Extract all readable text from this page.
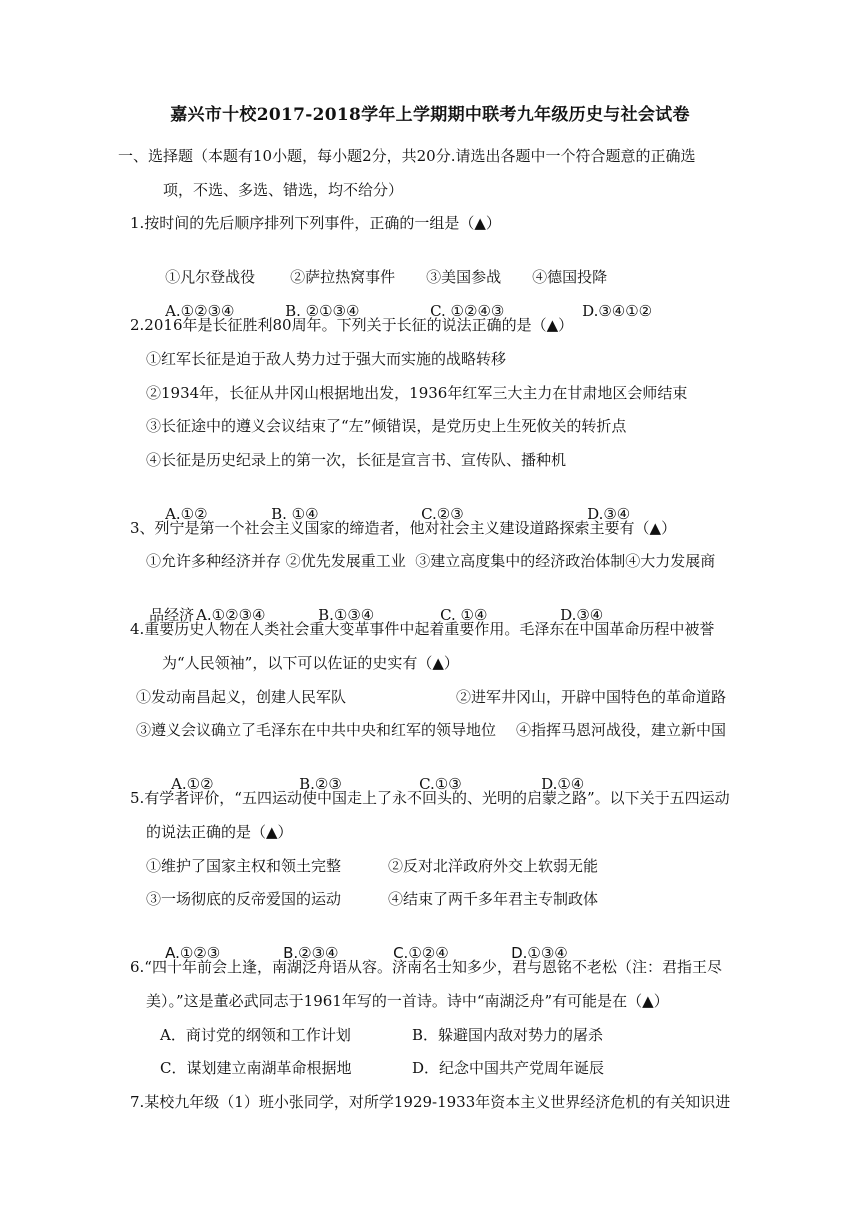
嘉兴市十校2017-2018学年上学期期中联考九年级历史与社会试卷
一、选择题（本题有10小题，每小题2分，共20分.请选出各题中一个符合题意的正确选
项，不选、多选、错选，均不给分）
1.按时间的先后顺序排列下列事件，正确的一组是（▲）

①凡尔登战役 ②萨拉热窝事件 ③美国参战 ④德国投降

A.①②③④	B. ②①③④	C. ①②④③	D.③④①②

2.2016年是长征胜利80周年。下列关于长征的说法正确的是（▲）
①红军长征是迫于敌人势力过于强大而实施的战略转移
②1934年，长征从井冈山根据地出发，1936年红军三大主力在甘肃地区会师结束
③长征途中的遵义会议结束了“左”倾错误，是党历史上生死攸关的转折点
④长征是历史纪录上的第一次，长征是宣言书、宣传队、播种机

A.①②	B. ①④	C.②③	D.③④

3、列宁是第一个社会主义国家的缔造者，他对社会主义建设道路探索主要有（▲）
①允许多种经济并存 ②优先发展重工业  ③建立高度集中的经济政治体制④大力发展商

品经济 A.①②③④	B.①③④	C. ①④	D.③④

4.重要历史人物在人类社会重大变革事件中起着重要作用。毛泽东在中国革命历程中被誉
为“人民领袖”，以下可以佐证的史实有（▲）
①发动南昌起义，创建人民军队	②进军井冈山，开辟中国特色的革命道路
③遵义会议确立了毛泽东在中共中央和红军的领导地位 ④指挥马恩河战役，建立新中国

A.①②	B.②③	C.①③	D.①④

5.有学者评价，“五四运动使中国走上了永不回头的、光明的启蒙之路”。以下关于五四运动
的说法正确的是（▲）
①维护了国家主权和领土完整	②反对北洋政府外交上软弱无能
③一场彻底的反帝爱国的运动	④结束了两千多年君主专制政体

A.①②③	B.②③④	C.①②④	D.①③④

6.“四十年前会上逢，南湖泛舟语从容。济南名士知多少，君与恩铭不老松（注：君指王尽
美）。”这是董必武同志于1961年写的一首诗。诗中“南湖泛舟”有可能是在（▲）
A．商讨党的纲领和工作计划	B．躲避国内敌对势力的屠杀
C．谋划建立南湖革命根据地	D．纪念中国共产党周年诞辰
7.某校九年级（1）班小张同学，对所学1929-1933年资本主义世界经济危机的有关知识进
